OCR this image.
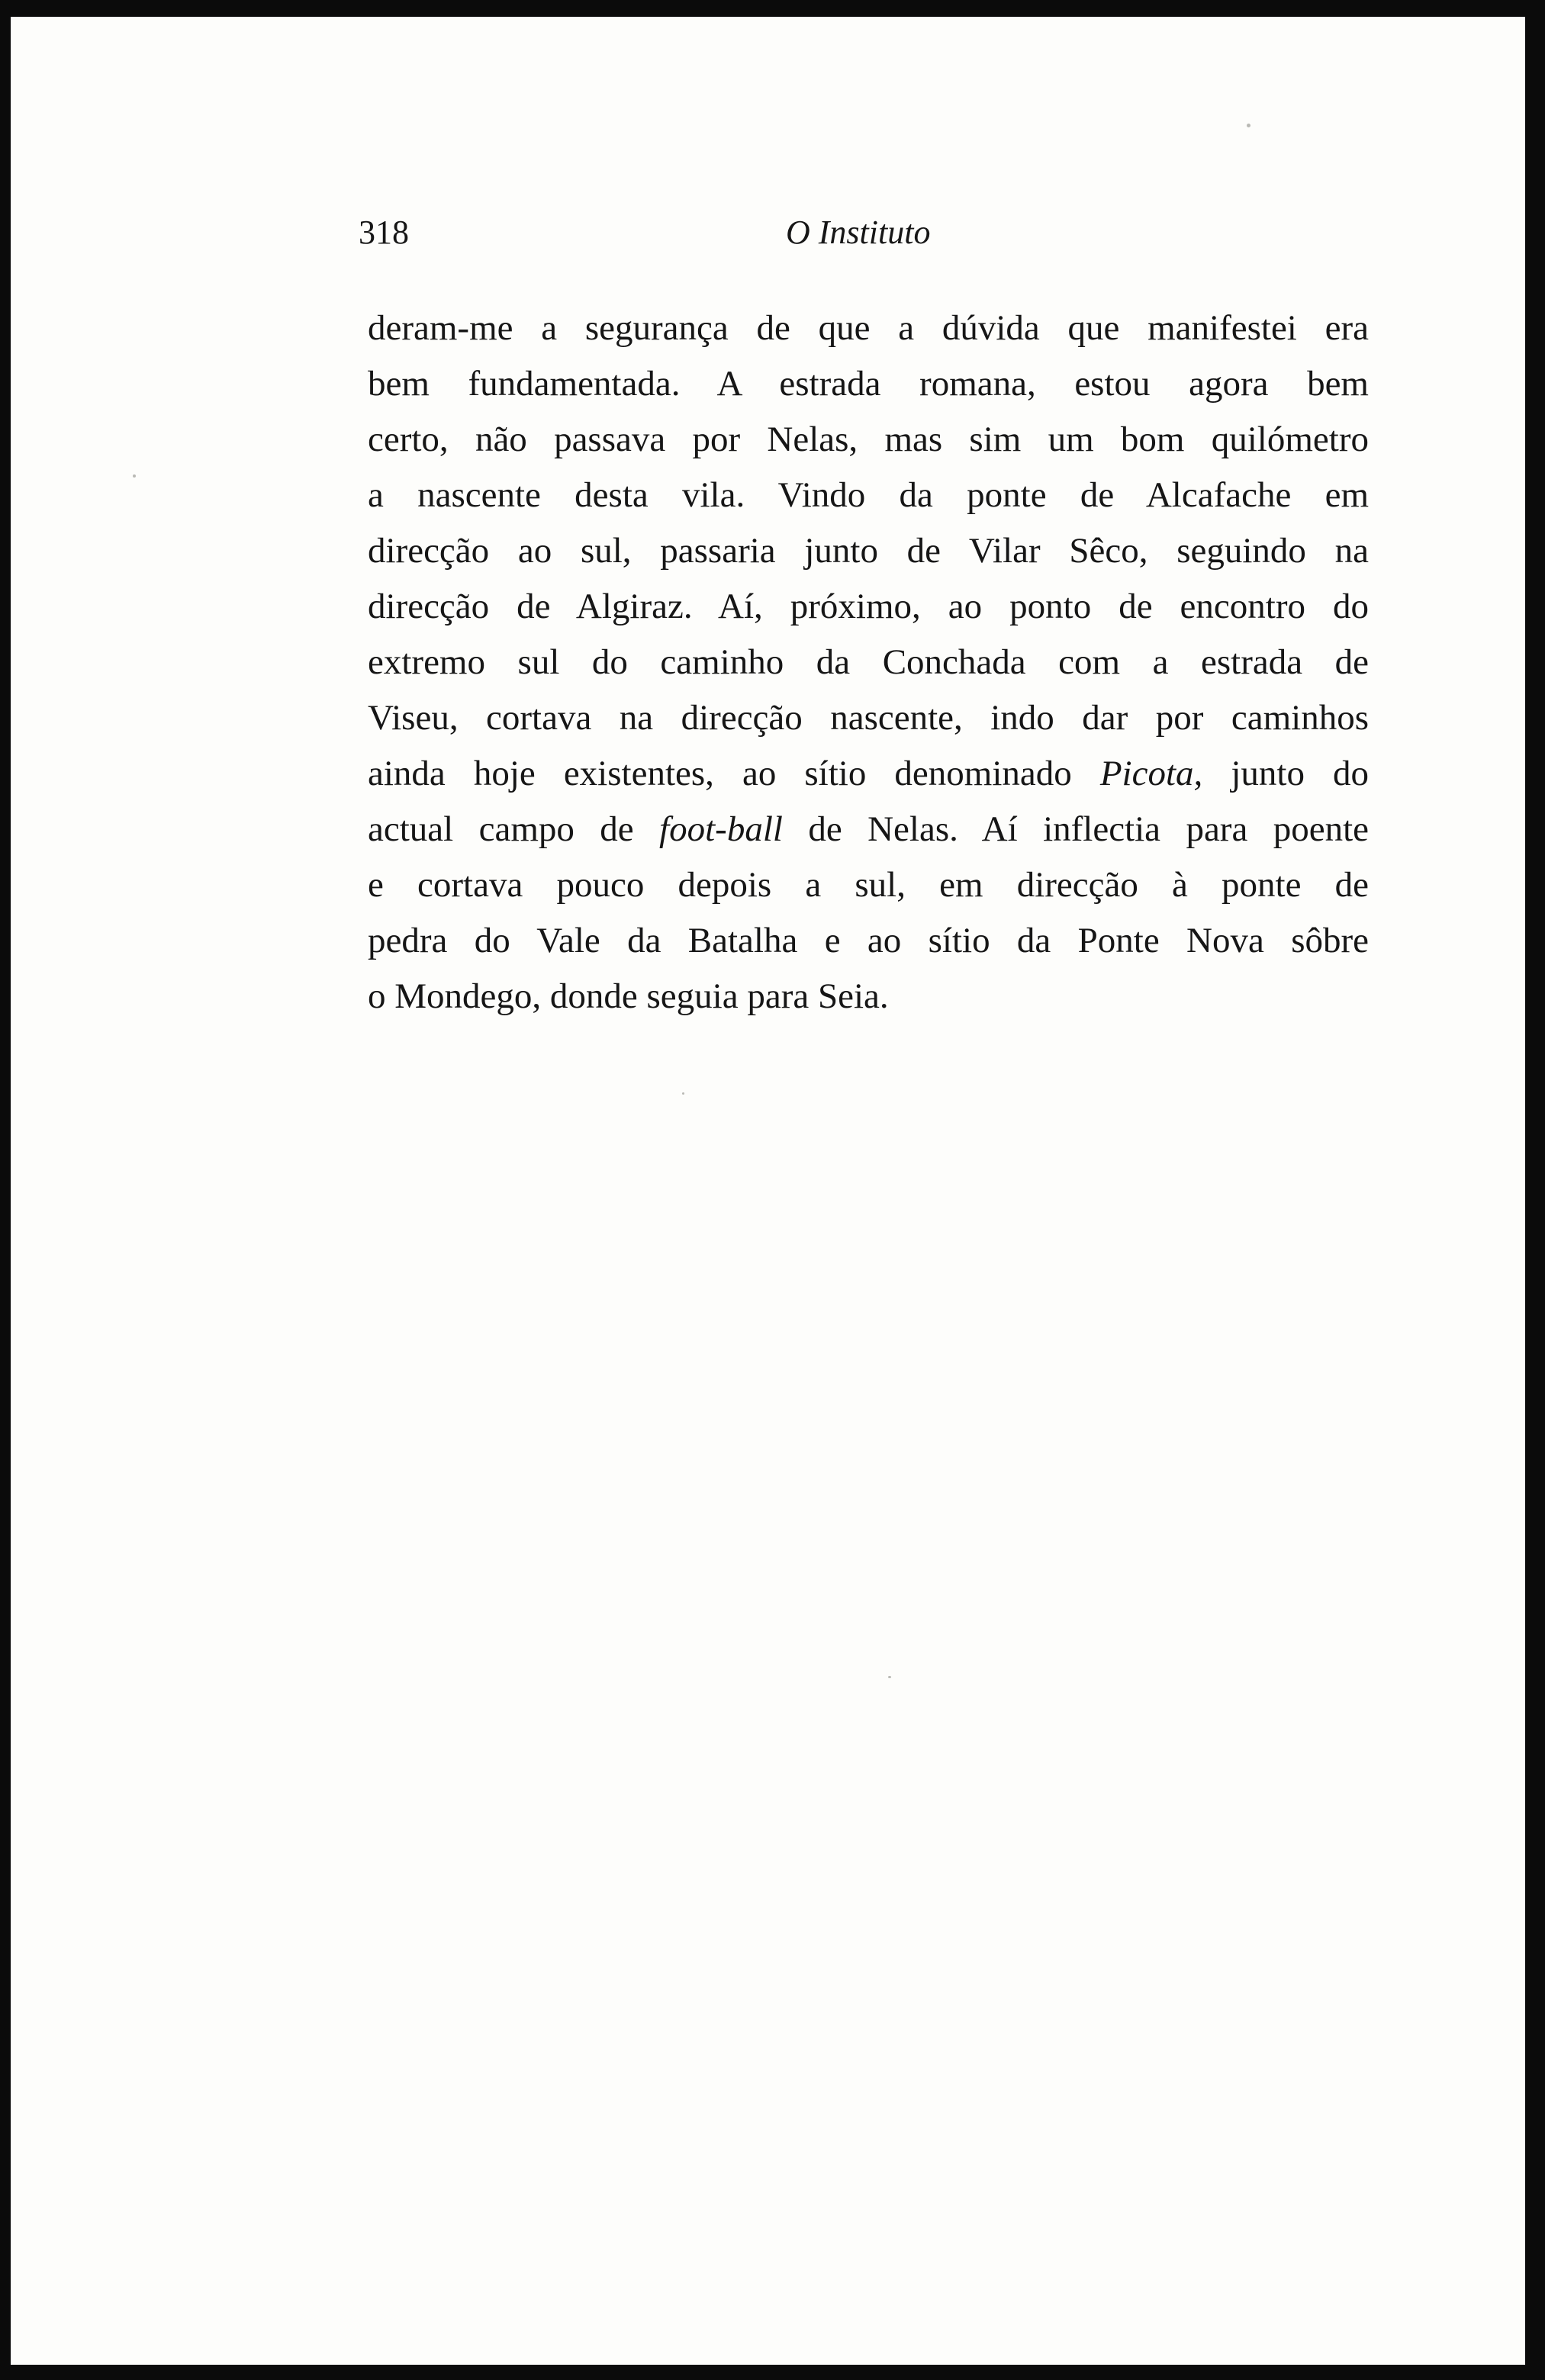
318	O Instituto
deram-me a segurança de que a dúvida que manifestei era
bem fundamentada. A estrada romana, estou agora bem
certo, não passava por Nelas, mas sim um bom quilómetro
a nascente desta vila. Vindo da ponte de Alcafache em
direcção ao sul, passaria junto de Vilar Sêco, seguindo na
direcção de Algiraz. Aí, próximo, ao ponto de encontro do
extremo sul do caminho da Conchada com a estrada de
Viseu, cortava na direcção nascente, indo dar por caminhos
ainda hoje existentes, ao sítio denominado Picota, junto do
actual campo de foot-ball de Nelas. Aí inflectia para poente
e cortava pouco depois a sul, em direcção à ponte de
pedra do Vale da Batalha e ao sítio da Ponte Nova sôbre
o Mondego, donde seguia para Seia.
